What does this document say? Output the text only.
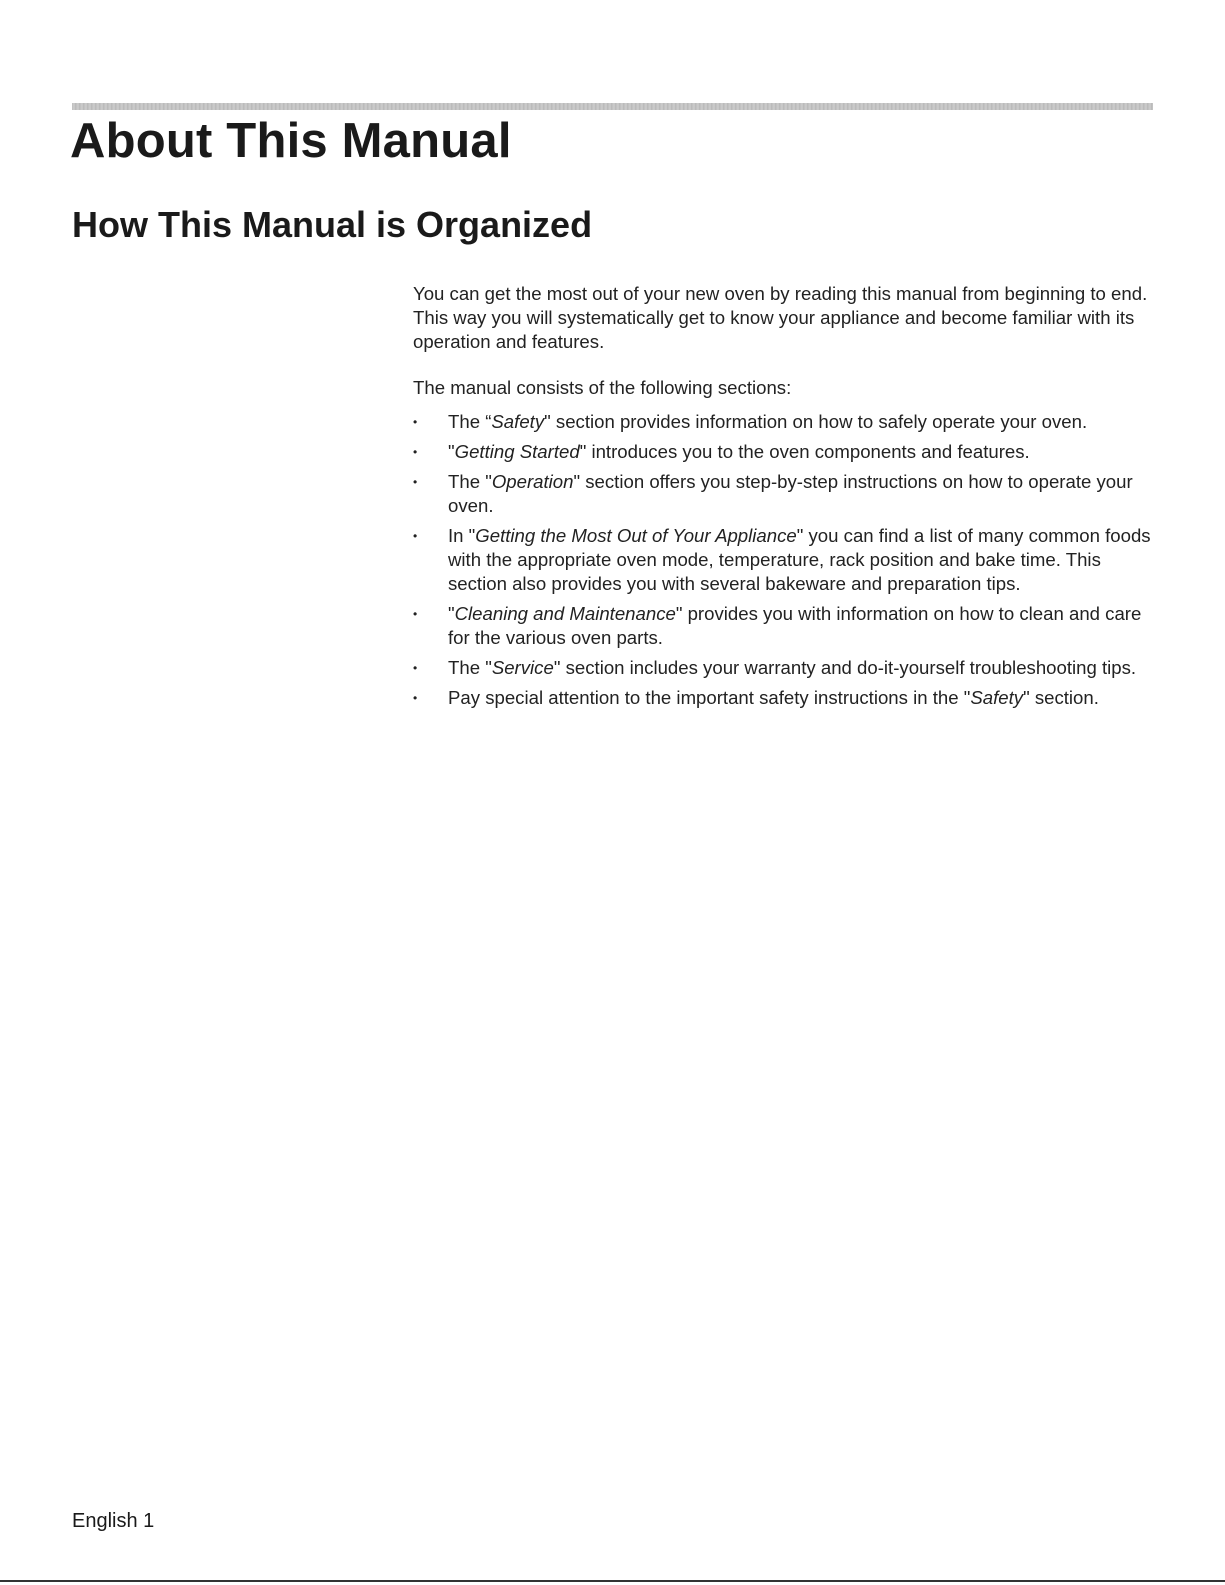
About This Manual
How This Manual is Organized

You can get the most out of your new oven by reading this manual from beginning to end. This way you will systematically get to know your appliance and become familiar with its operation and features.

The manual consists of the following sections:

• The “Safety" section provides information on how to safely operate your oven.
• "Getting Started" introduces you to the oven components and features.
• The "Operation" section offers you step-by-step instructions on how to operate your oven.
• In "Getting the Most Out of Your Appliance" you can find a list of many common foods with the appropriate oven mode, temperature, rack position and bake time. This section also provides you with several bakeware and preparation tips.
• "Cleaning and Maintenance" provides you with information on how to clean and care for the various oven parts.
• The "Service" section includes your warranty and do-it-yourself troubleshooting tips.
• Pay special attention to the important safety instructions in the "Safety" section.
English 1
